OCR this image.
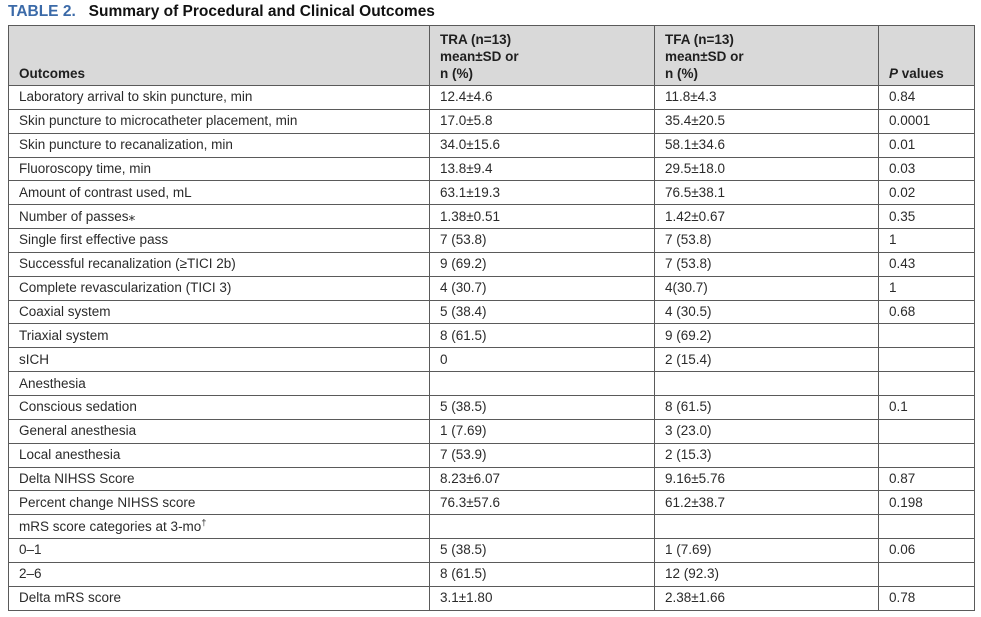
TABLE 2. Summary of Procedural and Clinical Outcomes
Outcomes	TRA (n=13)
mean±SD or
n (%)	TFA (n=13)
mean±SD or
n (%)	P values
Laboratory arrival to skin puncture, min	12.4±4.6	11.8±4.3	0.84
Skin puncture to microcatheter placement, min	17.0±5.8	35.4±20.5	0.0001
Skin puncture to recanalization, min	34.0±15.6	58.1±34.6	0.01
Fluoroscopy time, min	13.8±9.4	29.5±18.0	0.03
Amount of contrast used, mL	63.1±19.3	76.5±38.1	0.02
Number of passes⁎	1.38±0.51	1.42±0.67	0.35
Single first effective pass	7 (53.8)	7 (53.8)	1
Successful recanalization (≥TICI 2b)	9 (69.2)	7 (53.8)	0.43
Complete revascularization (TICI 3)	4 (30.7)	4(30.7)	1
Coaxial system	5 (38.4)	4 (30.5)	0.68
Triaxial system	8 (61.5)	9 (69.2)	
sICH	0	2 (15.4)	
Anesthesia			
Conscious sedation	5 (38.5)	8 (61.5)	0.1
General anesthesia	1 (7.69)	3 (23.0)	
Local anesthesia	7 (53.9)	2 (15.3)	
Delta NIHSS Score	8.23±6.07	9.16±5.76	0.87
Percent change NIHSS score	76.3±57.6	61.2±38.7	0.198
mRS score categories at 3-mo†			
0–1	5 (38.5)	1 (7.69)	0.06
2–6	8 (61.5)	12 (92.3)	
Delta mRS score	3.1±1.80	2.38±1.66	0.78
